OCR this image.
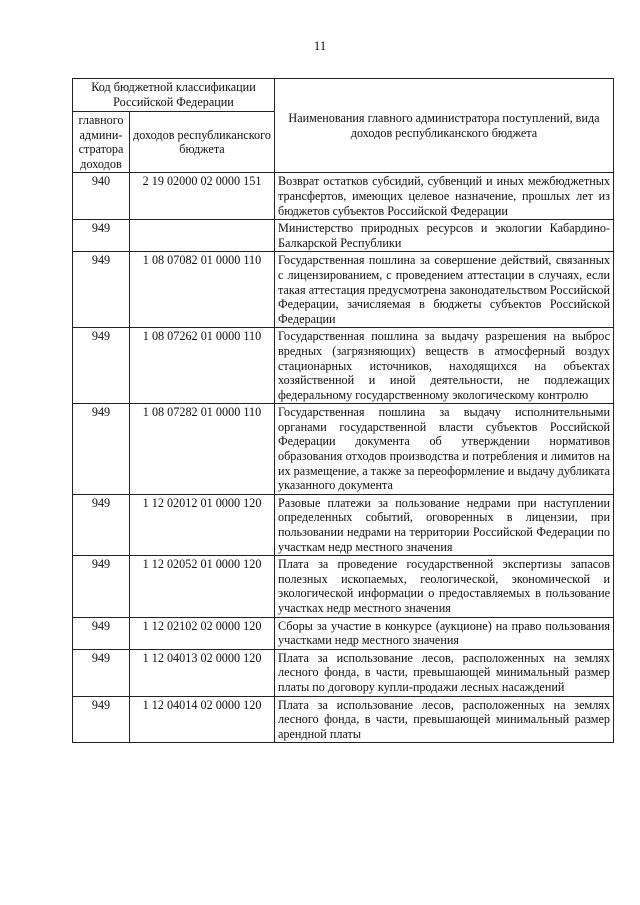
11
Код бюджетной классификации Российской Федерации		Наименования главного администратора поступлений, вида доходов республиканского бюджета
главного админи-стратора доходов	доходов республиканского бюджета	
940	2 19 02000 02 0000 151	Возврат остатков субсидий, субвенций и иных межбюджетных трансфертов, имеющих целевое назначение, прошлых лет из бюджетов субъектов Российской Федерации
949		Министерство природных ресурсов и экологии Кабардино-Балкарской Республики
949	1 08 07082 01 0000 110	Государственная пошлина за совершение действий, связанных с лицензированием, с проведением аттестации в случаях, если такая аттестация предусмотрена законодательством Российской Федерации, зачисляемая в бюджеты субъектов Российской Федерации
949	1 08 07262 01 0000 110	Государственная пошлина за выдачу разрешения на выброс вредных (загрязняющих) веществ в атмосферный воздух стационарных источников, находящихся на объектах хозяйственной и иной деятельности, не подлежащих федеральному государственному экологическому контролю
949	1 08 07282 01 0000 110	Государственная пошлина за выдачу исполнительными органами государственной власти субъектов Российской Федерации документа об утверждении нормативов образования отходов производства и потребления и лимитов на их размещение, а также за переоформление и выдачу дубликата указанного документа
949	1 12 02012 01 0000 120	Разовые платежи за пользование недрами при наступлении определенных событий, оговоренных в лицензии, при пользовании недрами на территории Российской Федерации по участкам недр местного значения
949	1 12 02052 01 0000 120	Плата за проведение государственной экспертизы запасов полезных ископаемых, геологической, экономической и экологической информации о предоставляемых в пользование участках недр местного значения
949	1 12 02102 02 0000 120	Сборы за участие в конкурсе (аукционе) на право пользования участками недр местного значения
949	1 12 04013 02 0000 120	Плата за использование лесов, расположенных на землях лесного фонда, в части, превышающей минимальный размер платы по договору купли-продажи лесных насаждений
949	1 12 04014 02 0000 120	Плата за использование лесов, расположенных на землях лесного фонда, в части, превышающей минимальный размер арендной платы
